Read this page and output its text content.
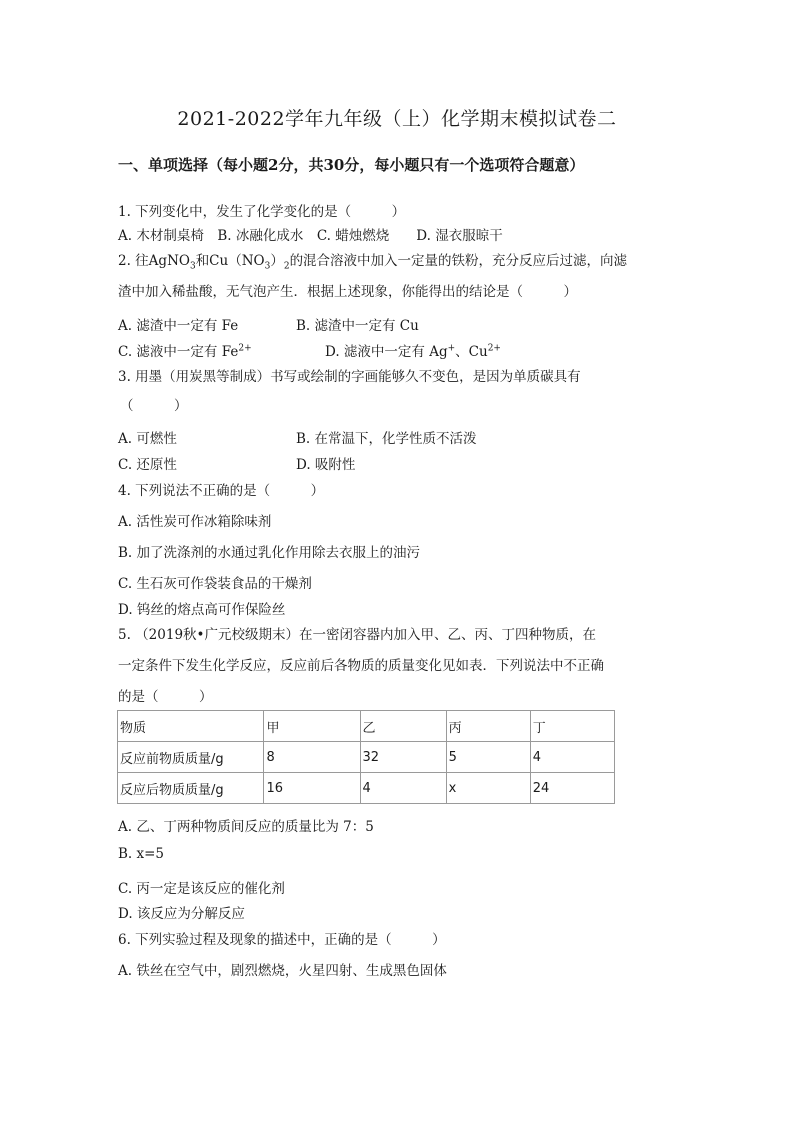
2021-2022学年九年级（上）化学期末模拟试卷二
一、单项选择（每小题2分，共30分，每小题只有一个选项符合题意）
1. 下列变化中，发生了化学变化的是（　　　）
A. 木材制桌椅　B. 冰融化成水　C. 蜡烛燃烧　　D. 湿衣服晾干
2. 往AgNO$_3$和$Cu(NO_3)_2$的混合溶液中加入一定量的铁粉，充分反应后过滤，向滤
渣中加入稀盐酸，无气泡产生．根据上述现象，你能得出的结论是（　　　）
A. 滤渣中一定有 Fe	B. 滤渣中一定有 Cu
C. 滤液中一定有 $Fe^{2+}$	D. 滤液中一定有 Ag+、$Cu^{2+}$
3. 用墨（用炭黑等制成）书写或绘制的字画能够久不变色，是因为单质碳具有
（　　　）
A. 可燃性	B. 在常温下，化学性质不活泼
C. 还原性	D. 吸附性
4. 下列说法不正确的是（　　　）
A. 活性炭可作冰箱除味剂
B. 加了洗涤剂的水通过乳化作用除去衣服上的油污
C. 生石灰可作袋装食品的干燥剂
D. 钨丝的熔点高可作保险丝
5. （2019秋•广元校级期末）在一密闭容器内加入甲、乙、丙、丁四种物质，在
一定条件下发生化学反应，反应前后各物质的质量变化见如表．下列说法中不正确
的是（　　　）
物质	甲	乙	丙	丁
反应前物质质量/g	8	32	5	4
反应后物质质量/g	16	4	x	24
A. 乙、丁两种物质间反应的质量比为 7：5
B. x=5
C. 丙一定是该反应的催化剂
D. 该反应为分解反应
6. 下列实验过程及现象的描述中，正确的是（　　　）
A. 铁丝在空气中，剧烈燃烧，火星四射、生成黑色固体
